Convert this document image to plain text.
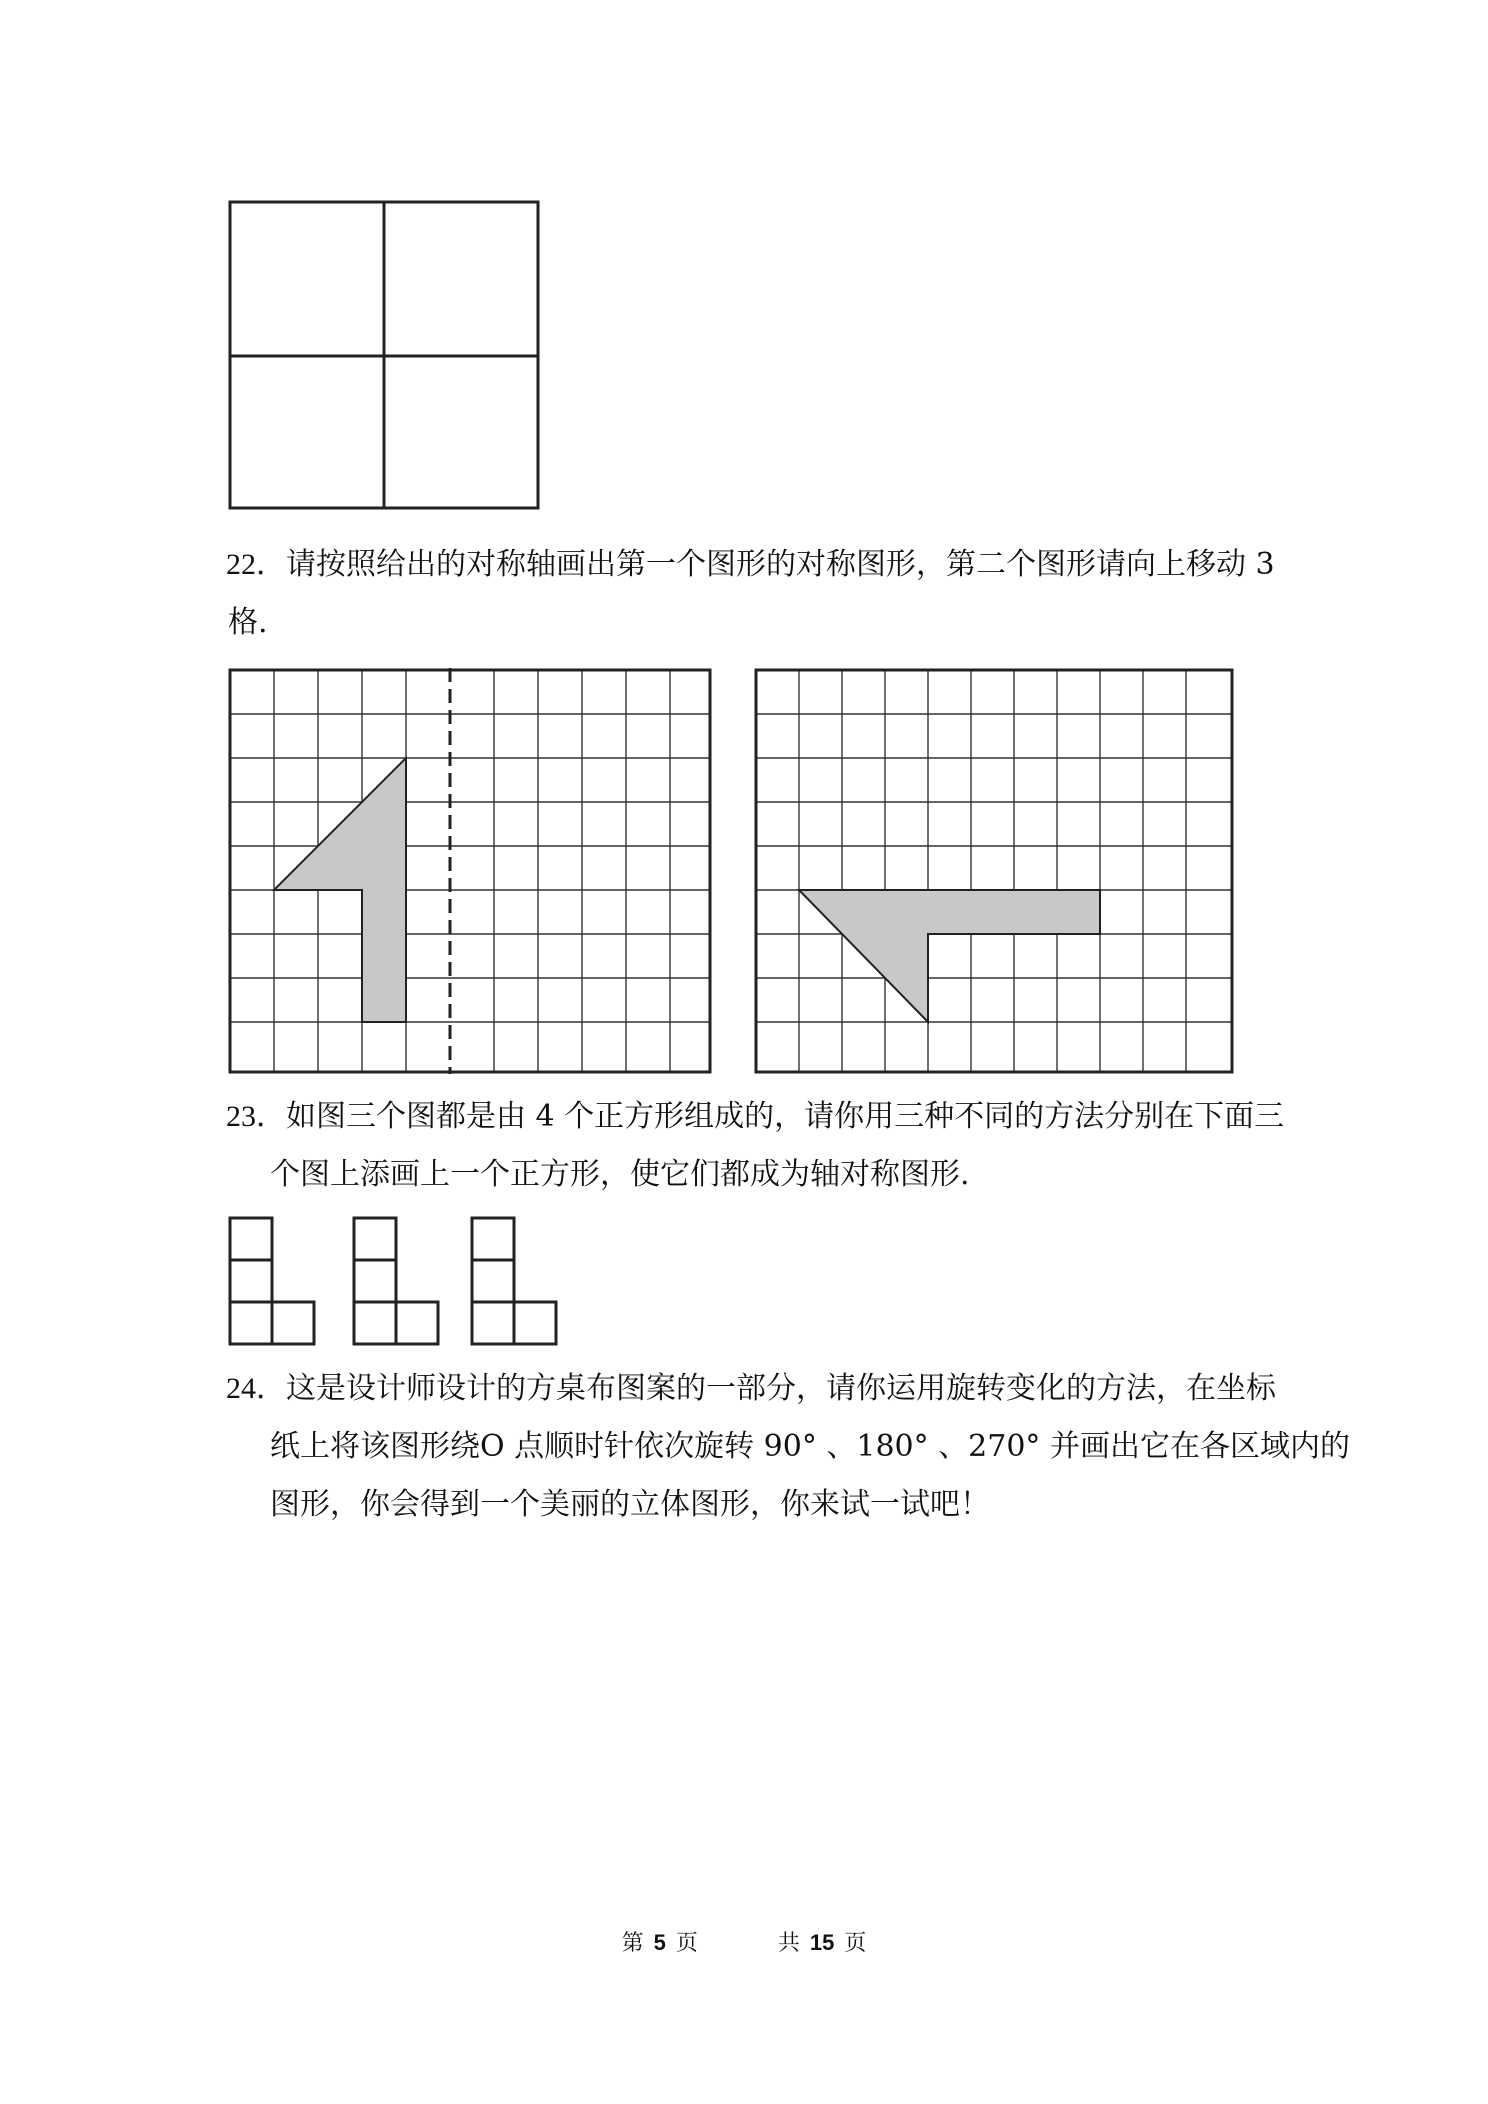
22．请按照给出的对称轴画出第一个图形的对称图形，第二个图形请向上移动 3
格.
23．如图三个图都是由 4 个正方形组成的，请你用三种不同的方法分别在下面三
个图上添画上一个正方形，使它们都成为轴对称图形.
24．这是设计师设计的方桌布图案的一部分，请你运用旋转变化的方法，在坐标
纸上将该图形绕O 点顺时针依次旋转 90° 、180° 、270° 并画出它在各区域内的
图形，你会得到一个美丽的立体图形，你来试一试吧！
第 5 页	共 15 页
